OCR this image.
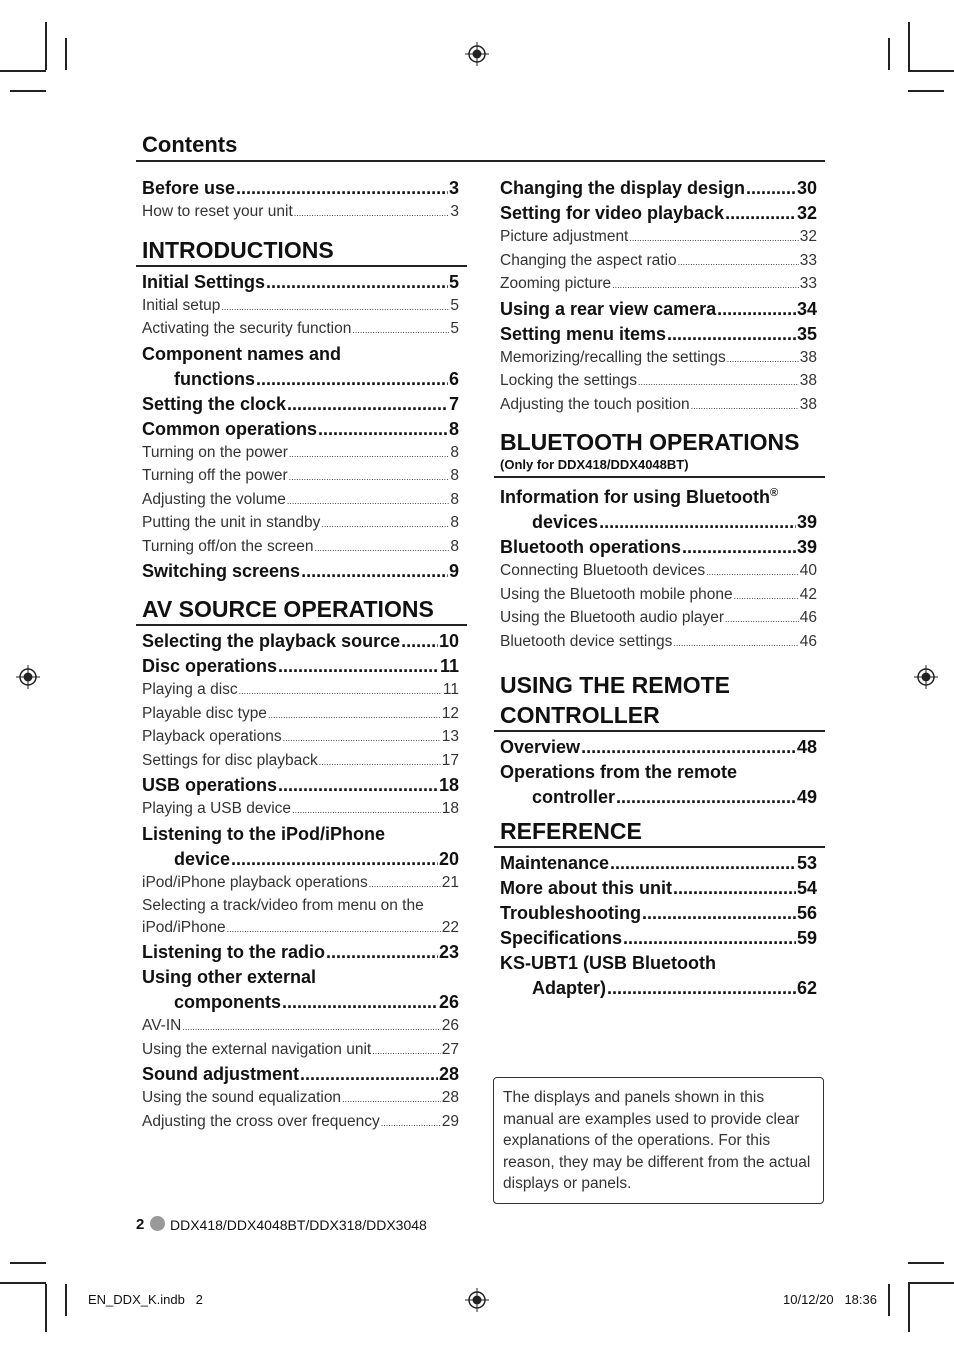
Contents
Before use .....	3
How to reset your unit .....	3
INTRODUCTIONS
Initial Settings .....	5
Initial setup .....	5
Activating the security function .....	5
Component names and
functions .....	6
Setting the clock .....	7
Common operations .....	8
Turning on the power .....	8
Turning off the power .....	8
Adjusting the volume .....	8
Putting the unit in standby .....	8
Turning off/on the screen .....	8
Switching screens .....	9
AV SOURCE OPERATIONS
Selecting the playback source ..... 10
Disc operations .....	11
Playing a disc .....	11
Playable disc type .....	12
Playback operations .....	13
Settings for disc playback .....	17
USB operations .....	18
Playing a USB device .....	18
Listening to the iPod/iPhone
device .....	20
iPod/iPhone playback operations .....	21
Selecting a track/video from menu on the
iPod/iPhone .....	22
Listening to the radio .....	23
Using other external
components .....	26
AV-IN .....	26
Using the external navigation unit .....	27
Sound adjustment .....	28
Using the sound equalization .....	28
Adjusting the cross over frequency .....	29
Changing the display design .....	30
Setting for video playback .....	32
Picture adjustment .....	32
Changing the aspect ratio .....	33
Zooming picture .....	33
Using a rear view camera .....	34
Setting menu items .....	35
Memorizing/recalling the settings .....	38
Locking the settings .....	38
Adjusting the touch position .....	38
BLUETOOTH OPERATIONS
(Only for DDX418/DDX4048BT)
Information for using Bluetooth®
devices .....	39
Bluetooth operations .....	39
Connecting Bluetooth devices .....	40
Using the Bluetooth mobile phone .....	42
Using the Bluetooth audio player .....	46
Bluetooth device settings .....	46
USING THE REMOTE
CONTROLLER
Overview .....	48
Operations from the remote
controller .....	49
REFERENCE
Maintenance .....	53
More about this unit .....	54
Troubleshooting .....	56
Specifications .....	59
KS-UBT1 (USB Bluetooth
Adapter) .....	62
The displays and panels shown in this manual are examples used to provide clear explanations of the operations. For this reason, they may be different from the actual displays or panels.
2 DDX418/DDX4048BT/DDX318/DDX3048
EN_DDX_K.indb   2	10/12/20   18:36
